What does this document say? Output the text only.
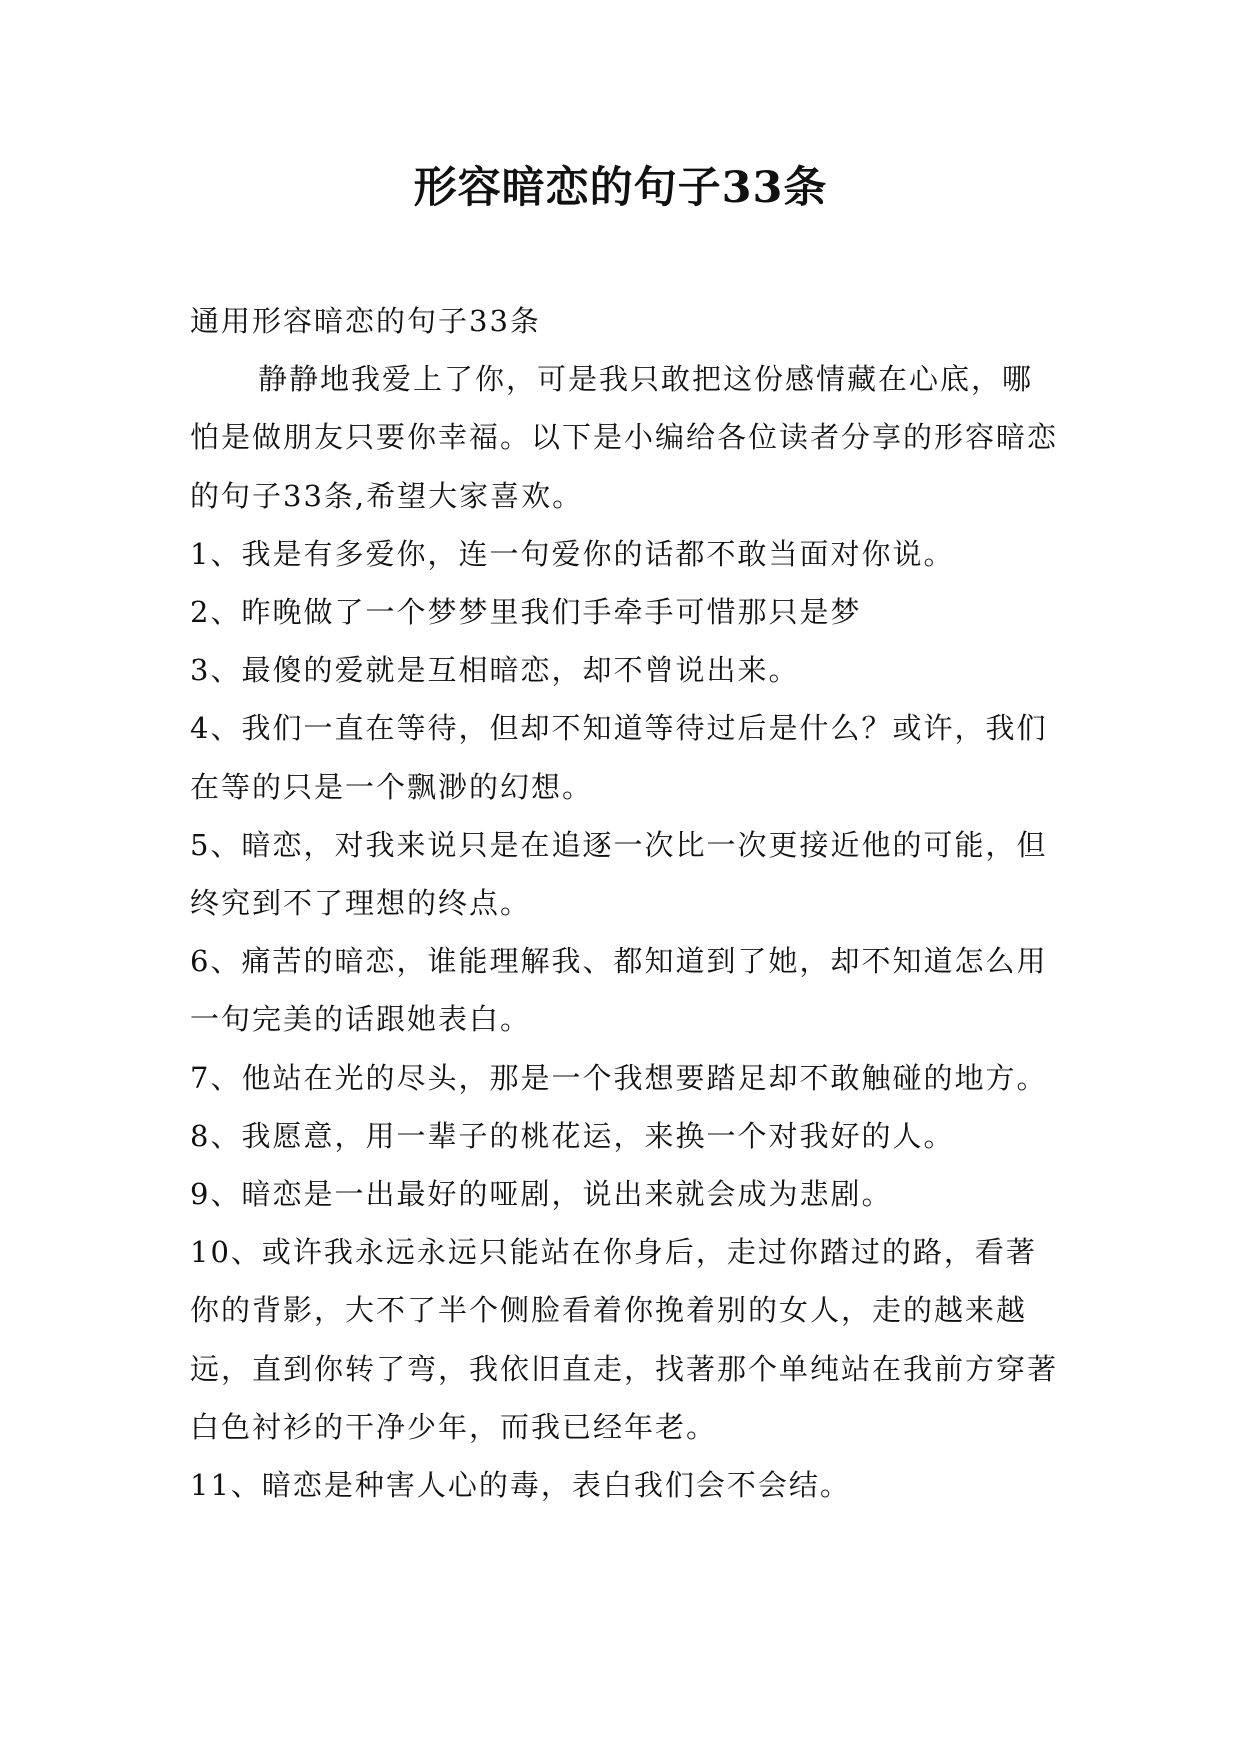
形容暗恋的句子33条

通用形容暗恋的句子33条

静静地我爱上了你，可是我只敢把这份感情藏在心底，哪怕是做朋友只要你幸福。以下是小编给各位读者分享的形容暗恋的句子33条,希望大家喜欢。

1、我是有多爱你，连一句爱你的话都不敢当面对你说。

2、昨晚做了一个梦梦里我们手牵手可惜那只是梦

3、最傻的爱就是互相暗恋，却不曾说出来。

4、我们一直在等待，但却不知道等待过后是什么？或许，我们在等的只是一个飘渺的幻想。

5、暗恋，对我来说只是在追逐一次比一次更接近他的可能，但终究到不了理想的终点。

6、痛苦的暗恋，谁能理解我、都知道到了她，却不知道怎么用一句完美的话跟她表白。

7、他站在光的尽头，那是一个我想要踏足却不敢触碰的地方。

8、我愿意，用一辈子的桃花运，来换一个对我好的人。

9、暗恋是一出最好的哑剧，说出来就会成为悲剧。

10、或许我永远永远只能站在你身后，走过你踏过的路，看著你的背影，大不了半个侧脸看着你挽着别的女人，走的越来越远，直到你转了弯，我依旧直走，找著那个单纯站在我前方穿著白色衬衫的干净少年，而我已经年老。

11、暗恋是种害人心的毒，表白我们会不会结。
